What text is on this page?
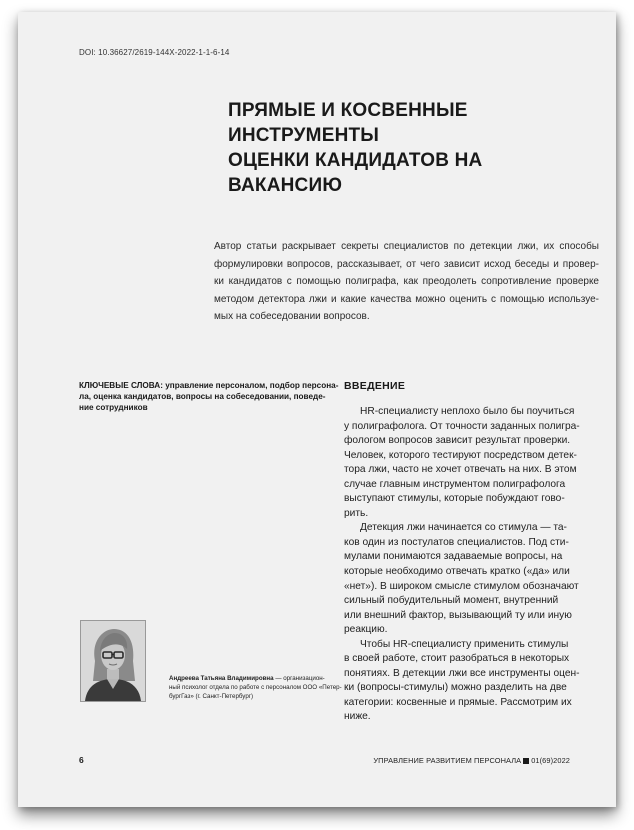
DOI: 10.36627/2619-144X-2022-1-1-6-14
ПРЯМЫЕ И КОСВЕННЫЕ ИНСТРУМЕНТЫ
ОЦЕНКИ КАНДИДАТОВ НА ВАКАНСИЮ
Автор статьи раскрывает секреты специалистов по детекции лжи, их способы
формулировки вопросов, рассказывает, от чего зависит исход беседы и провер-
ки кандидатов с помощью полиграфа, как преодолеть сопротивление проверке
методом детектора лжи и какие качества можно оценить с помощью используе-
мых на собеседовании вопросов.
КЛЮЧЕВЫЕ СЛОВА: управление персоналом, подбор персона-
ла, оценка кандидатов, вопросы на собеседовании, поведе-
ние сотрудников
ВВЕДЕНИЕ
HR-специалисту неплохо было бы поучиться
у полиграфолога. От точности заданных полигра-
фологом вопросов зависит результат проверки.
Человек, которого тестируют посредством детек-
тора лжи, часто не хочет отвечать на них. В этом
случае главным инструментом полиграфолога
выступают стимулы, которые побуждают гово-
рить.
Детекция лжи начинается со стимула — та-
ков один из постулатов специалистов. Под сти-
мулами понимаются задаваемые вопросы, на
которые необходимо отвечать кратко («да» или
«нет»). В широком смысле стимулом обозначают
сильный побудительный момент, внутренний
или внешний фактор, вызывающий ту или иную
реакцию.
Чтобы HR-специалисту применить стимулы
в своей работе, стоит разобраться в некоторых
понятиях. В детекции лжи все инструменты оцен-
ки (вопросы-стимулы) можно разделить на две
категории: косвенные и прямые. Рассмотрим их
ниже.
Андреева Татьяна Владимировна — организацион-
ный психолог отдела по работе с персоналом ООО «Петер-
бургГаз» (г. Санкт-Петербург)
6	УПРАВЛЕНИЕ РАЗВИТИЕМ ПЕРСОНАЛА 01(69)2022
